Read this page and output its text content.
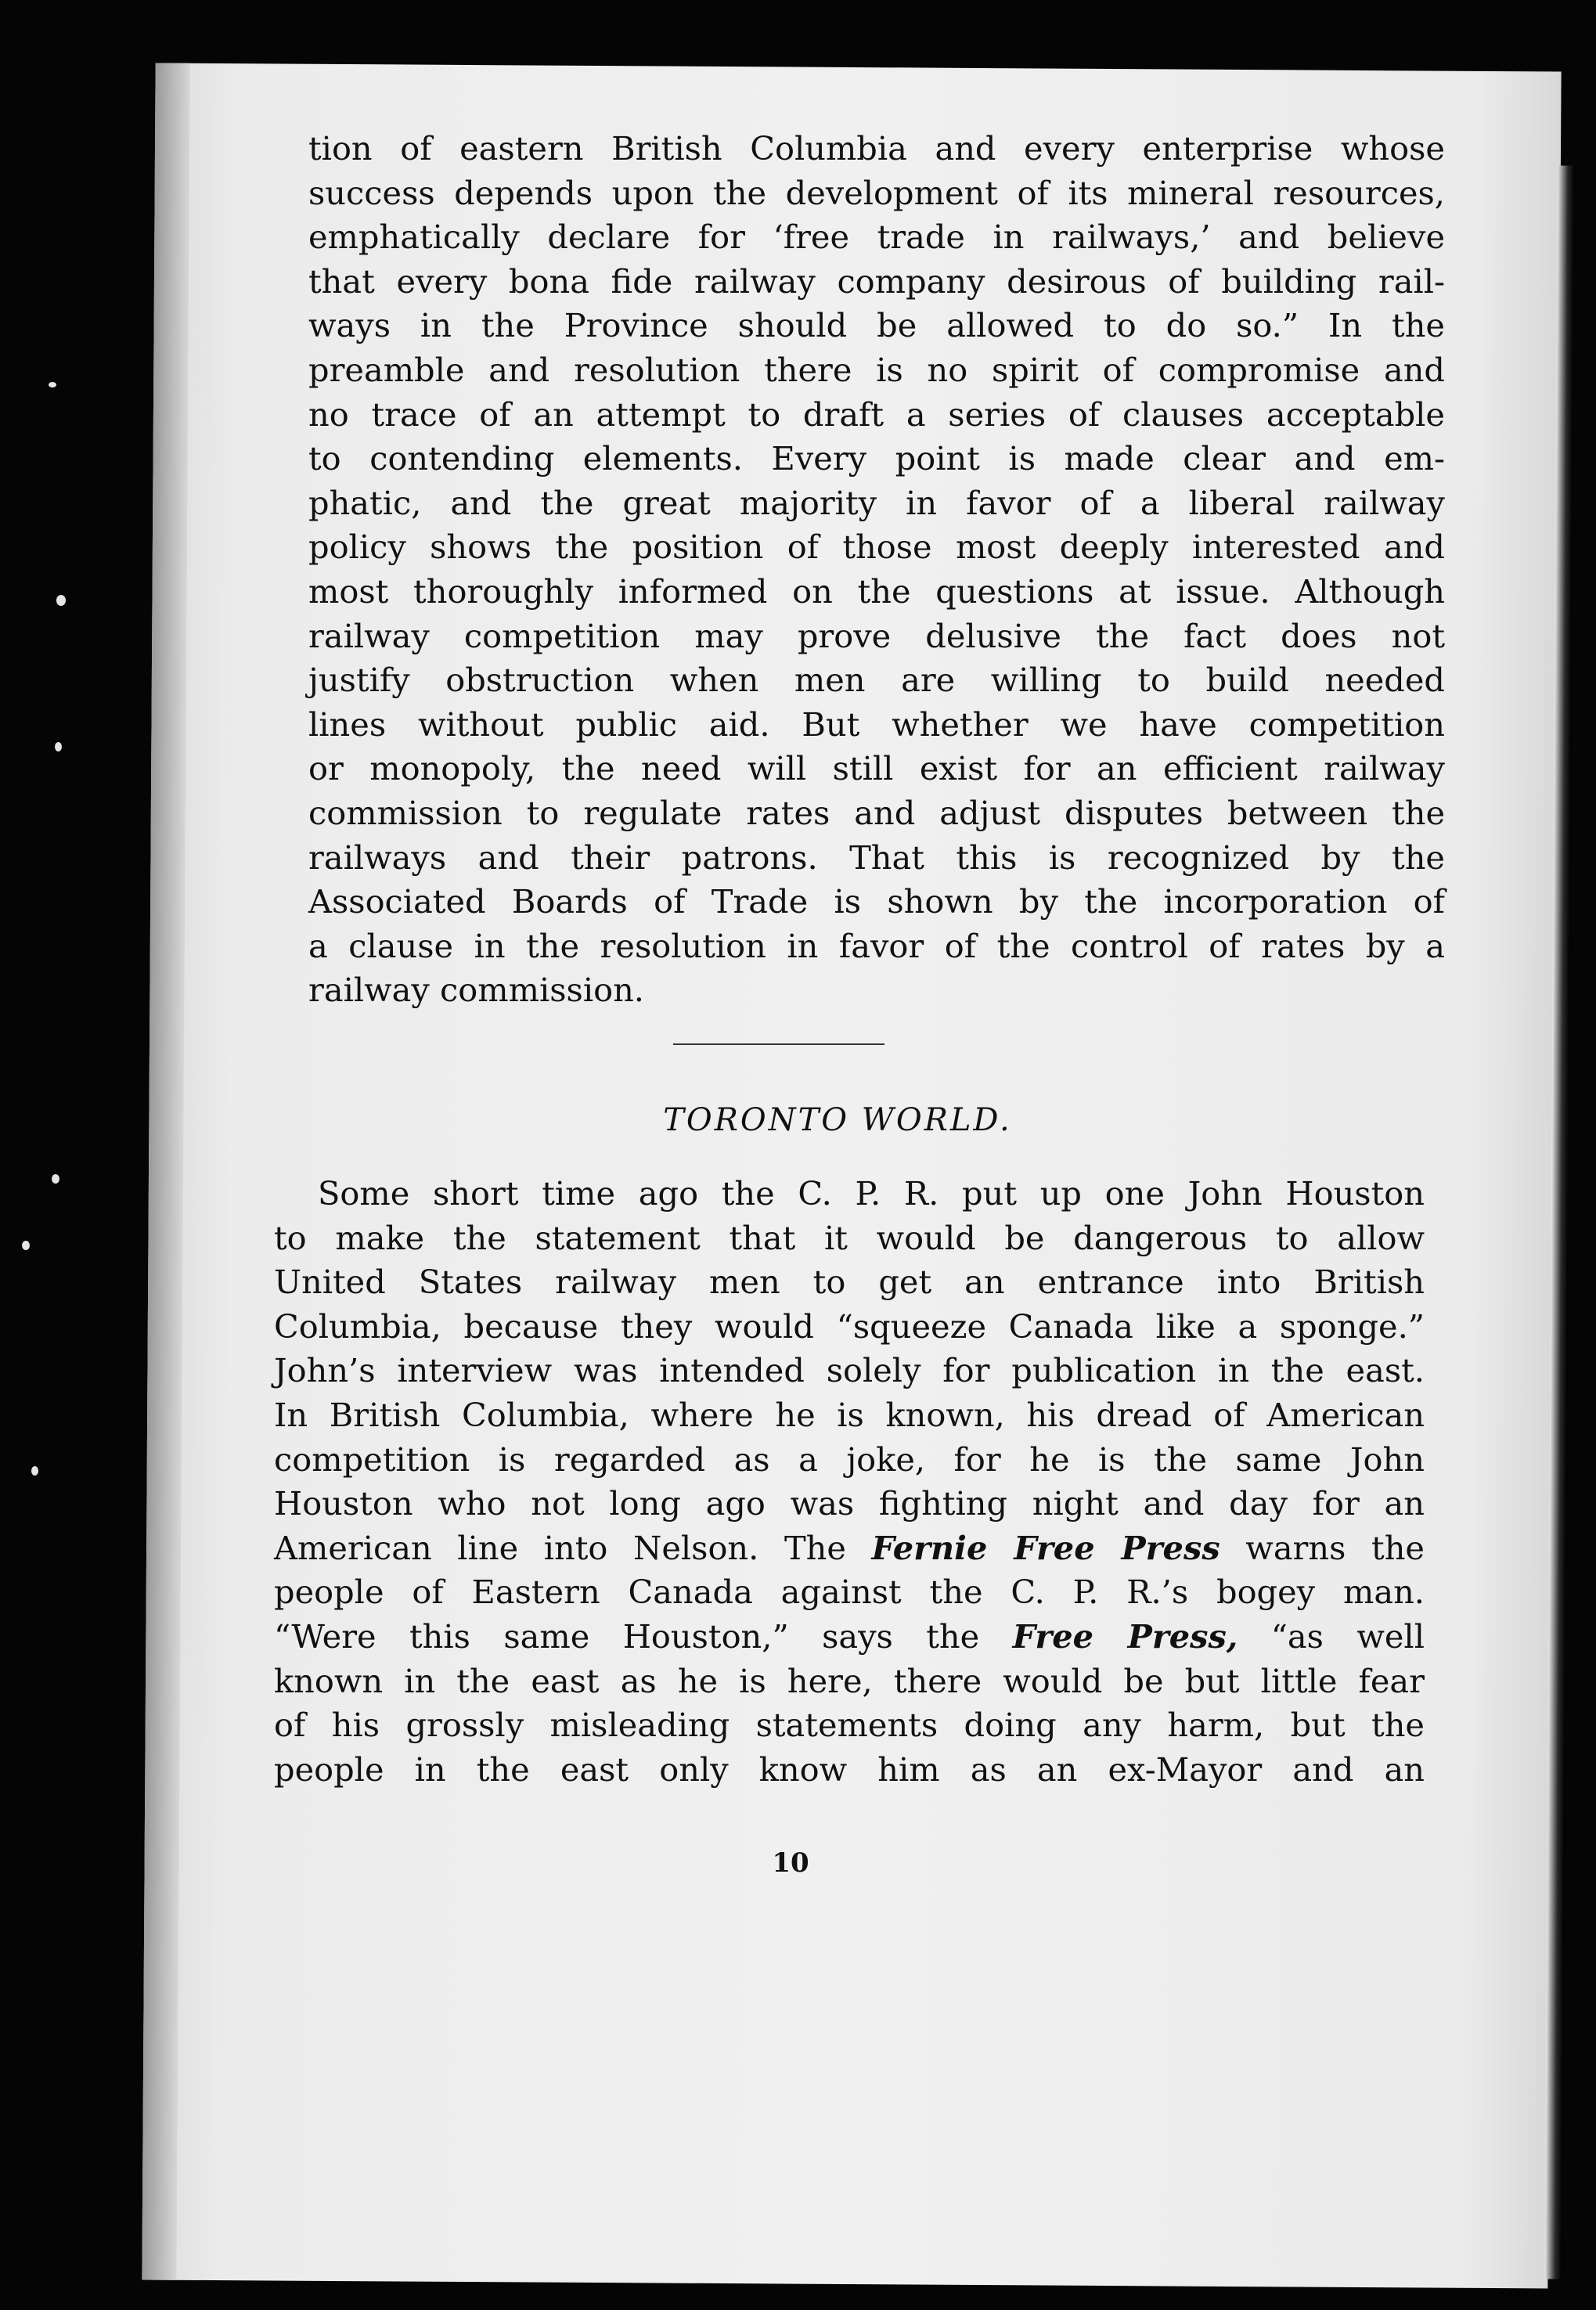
tion of eastern British Columbia and every enterprise whose

success depends upon the development of its mineral resources,

emphatically declare for ‘free trade in railways,’ and believe

that every bona fide railway company desirous of building rail-

ways in the Province should be allowed to do so.” In the

preamble and resolution there is no spirit of compromise and

no trace of an attempt to draft a series of clauses acceptable

to contending elements. Every point is made clear and em-

phatic, and the great majority in favor of a liberal railway

policy shows the position of those most deeply interested and

most thoroughly informed on the questions at issue. Although

railway competition may prove delusive the fact does not

justify obstruction when men are willing to build needed

lines without public aid. But whether we have competition

or monopoly, the need will still exist for an efficient railway

commission to regulate rates and adjust disputes between the

railways and their patrons. That this is recognized by the

Associated Boards of Trade is shown by the incorporation of

a clause in the resolution in favor of the control of rates by a

railway commission.

TORONTO WORLD.

Some short time ago the C. P. R. put up one John Houston

to make the statement that it would be dangerous to allow

United States railway men to get an entrance into British

Columbia, because they would “squeeze Canada like a sponge.”

John’s interview was intended solely for publication in the east.

In British Columbia, where he is known, his dread of American

competition is regarded as a joke, for he is the same John

Houston who not long ago was fighting night and day for an

American line into Nelson. The Fernie Free Press warns the

people of Eastern Canada against the C. P. R.’s bogey man.

“Were this same Houston,” says the Free Press, “as well

known in the east as he is here, there would be but little fear

of his grossly misleading statements doing any harm, but the

people in the east only know him as an ex-Mayor and an

10
